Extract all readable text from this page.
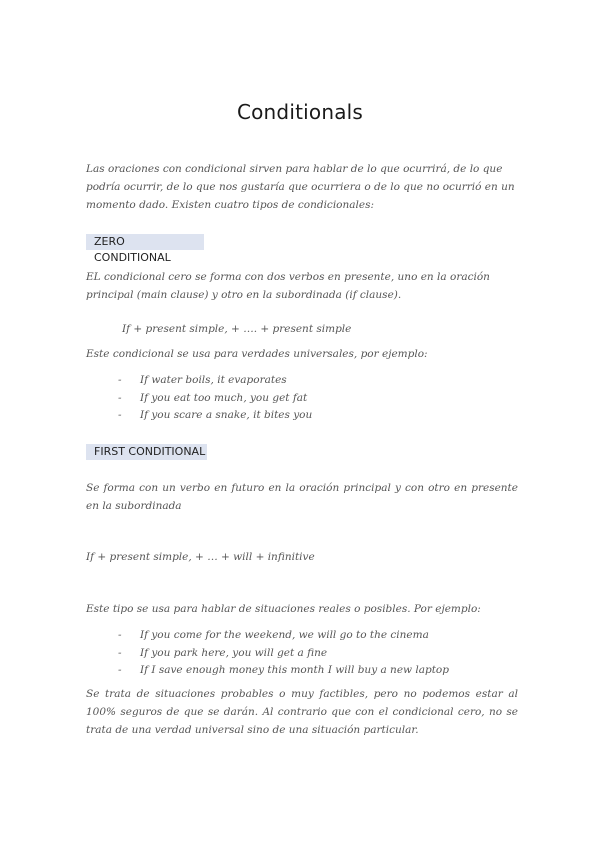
Conditionals

Las oraciones con condicional sirven para hablar de lo que ocurrirá, de lo que podría ocurrir, de lo que nos gustaría que ocurriera o de lo que no ocurrió en un momento dado. Existen cuatro tipos de condicionales:

ZERO CONDITIONAL

EL condicional cero se forma con dos verbos en presente, uno en la oración principal (main clause) y otro en la subordinada (if clause).

If + present simple, + …. + present simple

Este condicional se usa para verdades universales, por ejemplo:

- If water boils, it evaporates
- If you eat too much, you get fat
- If you scare a snake, it bites you
FIRST CONDITIONAL

Se forma con un verbo en futuro en la oración principal y con otro en presente en la subordinada

If + present simple, + … + will + infinitive

Este tipo se usa para hablar de situaciones reales o posibles. Por ejemplo:

- If you come for the weekend, we will go to the cinema
- If you park here, you will get a fine
- If I save enough money this month I will buy a new laptop

Se trata de situaciones probables o muy factibles, pero no podemos estar al 100% seguros de que se darán. Al contrario que con el condicional cero, no se trata de una verdad universal sino de una situación particular.
